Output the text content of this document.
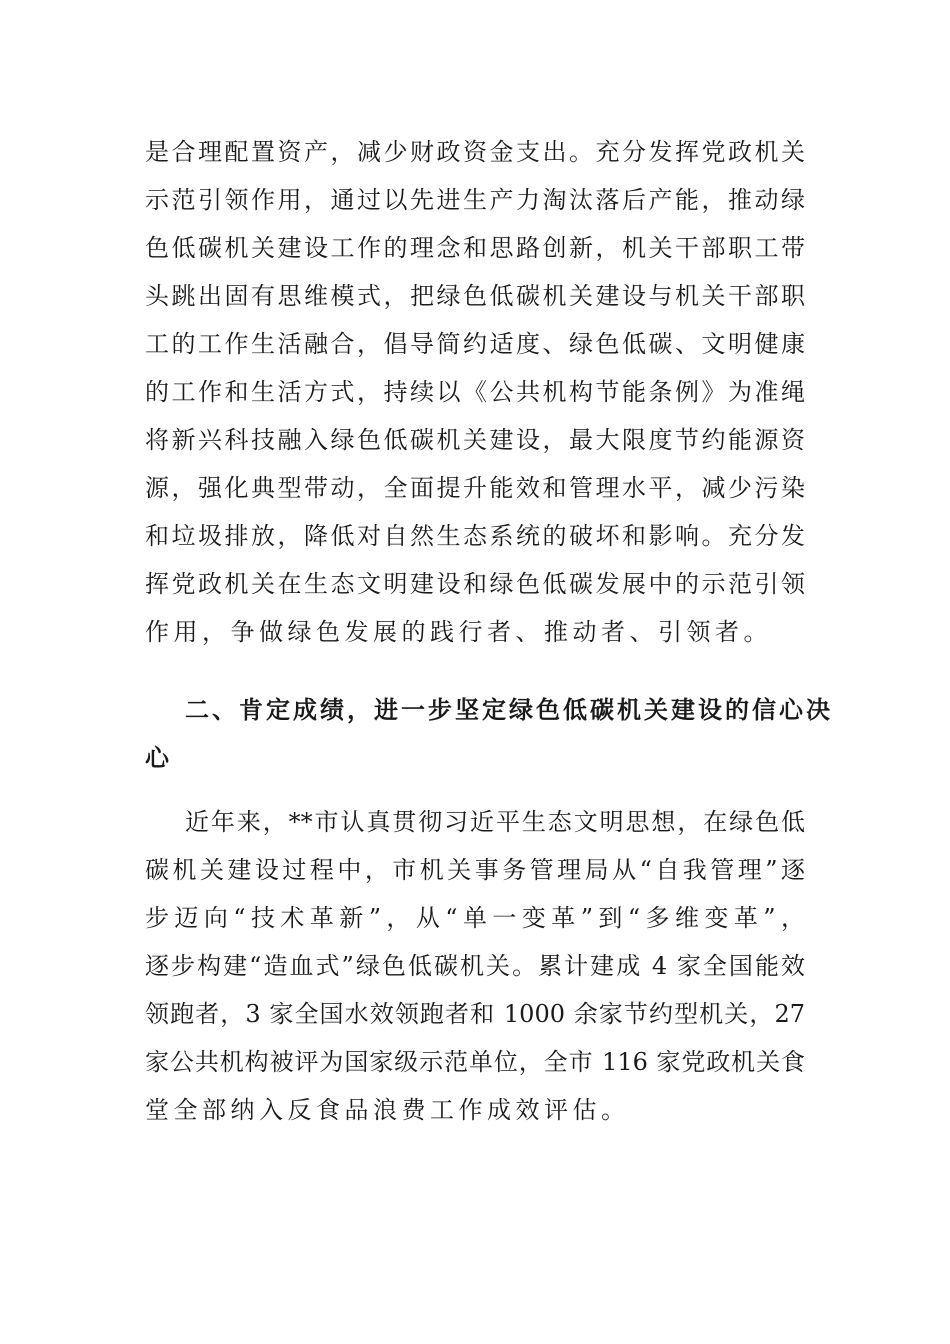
是合理配置资产，减少财政资金支出。充分发挥党政机关
示范引领作用，通过以先进生产力淘汰落后产能，推动绿
色低碳机关建设工作的理念和思路创新，机关干部职工带
头跳出固有思维模式，把绿色低碳机关建设与机关干部职
工的工作生活融合，倡导简约适度、绿色低碳、文明健康
的工作和生活方式，持续以《公共机构节能条例》为准绳
将新兴科技融入绿色低碳机关建设，最大限度节约能源资
源，强化典型带动，全面提升能效和管理水平，减少污染
和垃圾排放，降低对自然生态系统的破坏和影响。充分发
挥党政机关在生态文明建设和绿色低碳发展中的示范引领
作用，争做绿色发展的践行者、推动者、引领者。
二、肯定成绩，进一步坚定绿色低碳机关建设的信心决
心
近年来，**市认真贯彻习近平生态文明思想，在绿色低
碳机关建设过程中，市机关事务管理局从“自我管理”逐
步迈向“技术革新”，从“单一变革”到“多维变革”，
逐步构建“造血式”绿色低碳机关。累计建成 4 家全国能效
领跑者，3 家全国水效领跑者和 1000 余家节约型机关，27
家公共机构被评为国家级示范单位，全市 116 家党政机关食
堂全部纳入反食品浪费工作成效评估。
